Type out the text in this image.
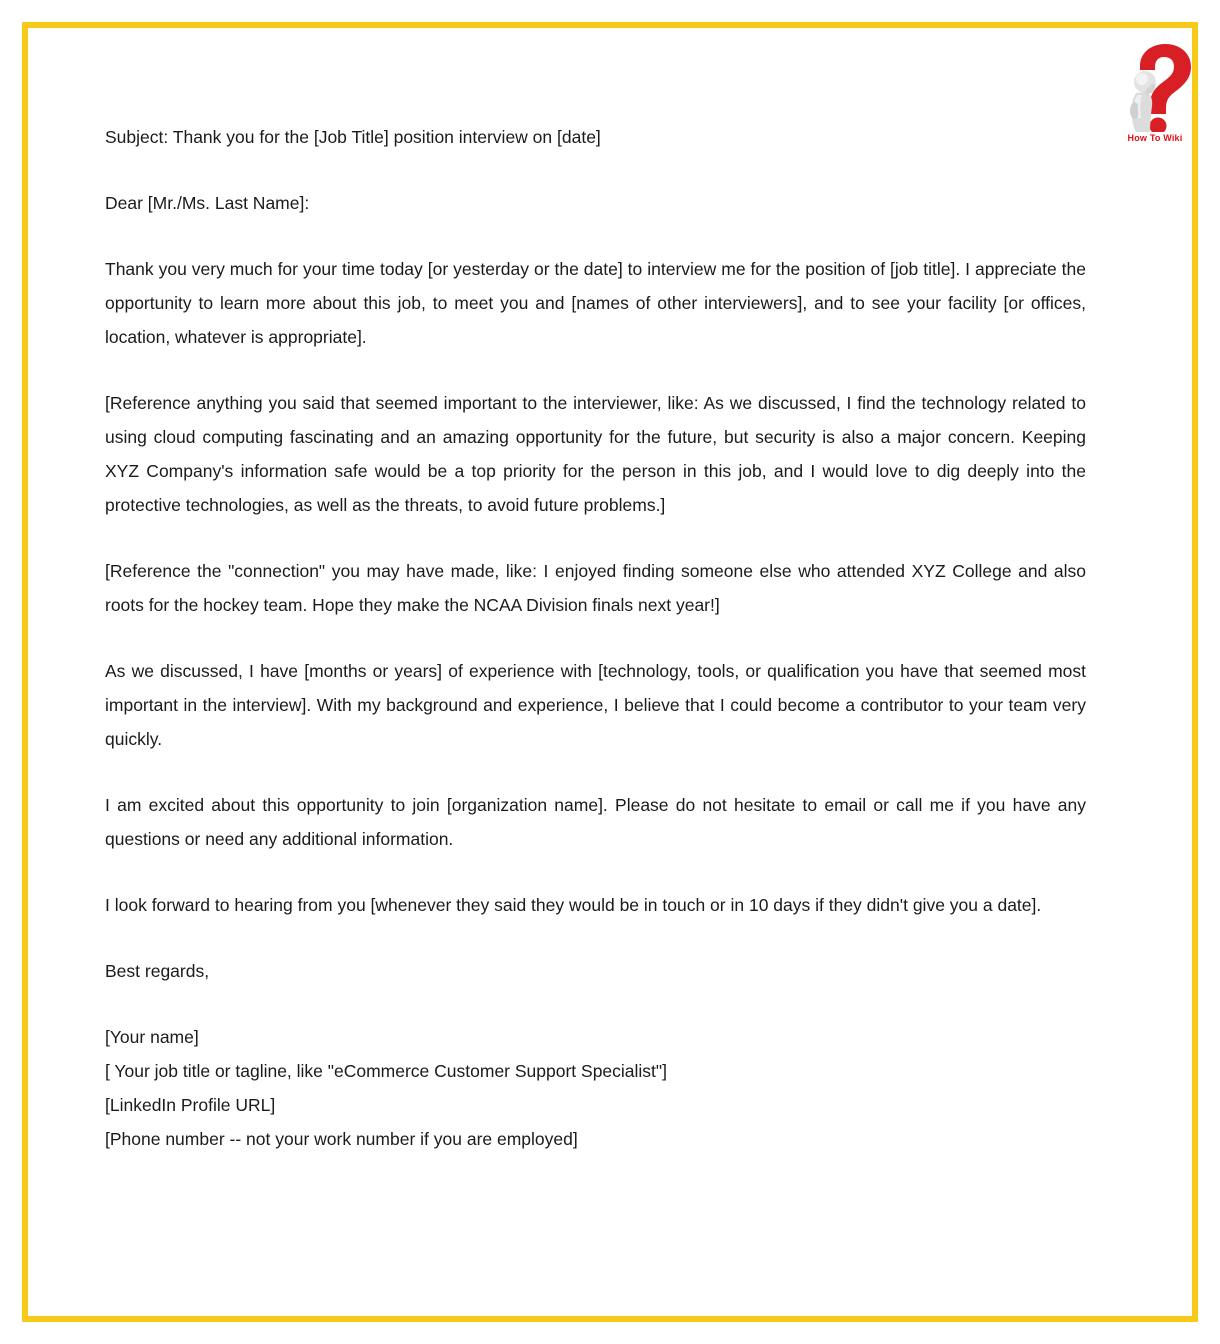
How To Wiki

Subject: Thank you for the [Job Title] position interview on [date]

Dear [Mr./Ms. Last Name]:

Thank you very much for your time today [or yesterday or the date] to interview me for the position of [job title]. I appreciate the opportunity to learn more about this job, to meet you and [names of other interviewers], and to see your facility [or offices, location, whatever is appropriate].

[Reference anything you said that seemed important to the interviewer, like: As we discussed, I find the technology related to using cloud computing fascinating and an amazing opportunity for the future, but security is also a major concern. Keeping XYZ Company's information safe would be a top priority for the person in this job, and I would love to dig deeply into the protective technologies, as well as the threats, to avoid future problems.]

[Reference the "connection" you may have made, like: I enjoyed finding someone else who attended XYZ College and also roots for the hockey team. Hope they make the NCAA Division finals next year!]

As we discussed, I have [months or years] of experience with [technology, tools, or qualification you have that seemed most important in the interview]. With my background and experience, I believe that I could become a contributor to your team very quickly.

I am excited about this opportunity to join [organization name]. Please do not hesitate to email or call me if you have any questions or need any additional information.

I look forward to hearing from you [whenever they said they would be in touch or in 10 days if they didn't give you a date].

Best regards,

[Your name]
[ Your job title or tagline, like "eCommerce Customer Support Specialist"]
[LinkedIn Profile URL]
[Phone number -- not your work number if you are employed]
